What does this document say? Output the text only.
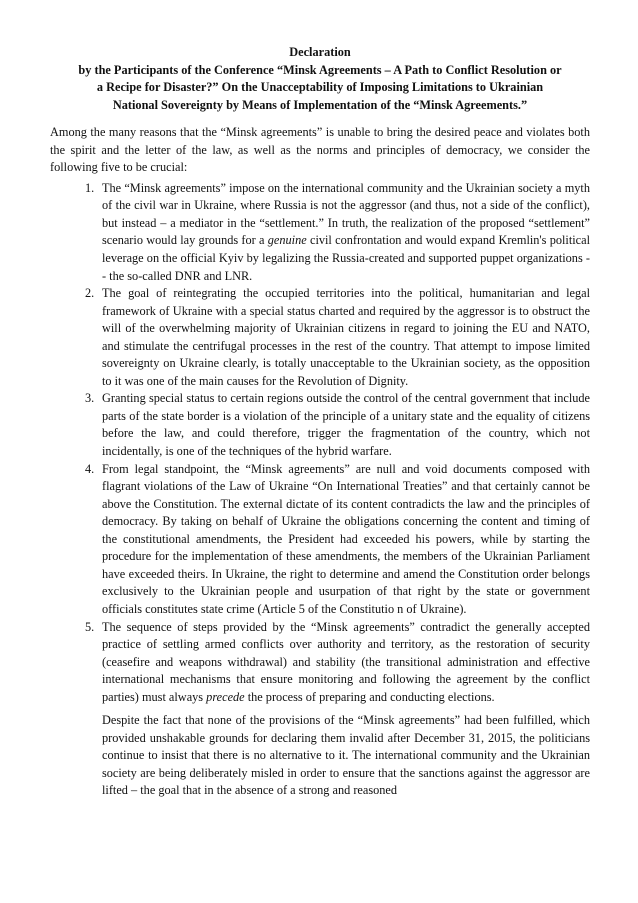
Declaration
by the Participants of the Conference “Minsk Agreements – A Path to Conflict Resolution or
a Recipe for Disaster?” On the Unacceptability of Imposing Limitations to Ukrainian
National Sovereignty by Means of Implementation of the “Minsk Agreements.”

Among the many reasons that the “Minsk agreements” is unable to bring the desired peace and violates both the spirit and the letter of the law, as well as the norms and principles of democracy, we consider the following five to be crucial:

1. The “Minsk agreements” impose on the international community and the Ukrainian society a myth of the civil war in Ukraine, where Russia is not the aggressor (and thus, not a side of the conflict), but instead – a mediator in the “settlement.” In truth, the realization of the proposed “settlement” scenario would lay grounds for a genuine civil confrontation and would expand Kremlin's political leverage on the official Kyiv by legalizing the Russia-created and supported puppet organizations -- the so-called DNR and LNR.
2. The goal of reintegrating the occupied territories into the political, humanitarian and legal framework of Ukraine with a special status charted and required by the aggressor is to obstruct the will of the overwhelming majority of Ukrainian citizens in regard to joining the EU and NATO, and stimulate the centrifugal processes in the rest of the country. That attempt to impose limited sovereignty on Ukraine clearly, is totally unacceptable to the Ukrainian society, as the opposition to it was one of the main causes for the Revolution of Dignity.
3. Granting special status to certain regions outside the control of the central government that include parts of the state border is a violation of the principle of a unitary state and the equality of citizens before the law, and could therefore, trigger the fragmentation of the country, which not incidentally, is one of the techniques of the hybrid warfare.
4. From legal standpoint, the “Minsk agreements” are null and void documents composed with flagrant violations of the Law of Ukraine “On International Treaties” and that certainly cannot be above the Constitution. The external dictate of its content contradicts the law and the principles of democracy. By taking on behalf of Ukraine the obligations concerning the content and timing of the constitutional amendments, the President had exceeded his powers, while by starting the procedure for the implementation of these amendments, the members of the Ukrainian Parliament have exceeded theirs. In Ukraine, the right to determine and amend the Constitution order belongs exclusively to the Ukrainian people and usurpation of that right by the state or government officials constitutes state crime (Article 5 of the Constitutio n of Ukraine).
5. The sequence of steps provided by the “Minsk agreements” contradict the generally accepted practice of settling armed conflicts over authority and territory, as the restoration of security (ceasefire and weapons withdrawal) and stability (the transitional administration and effective international mechanisms that ensure monitoring and following the agreement by the conflict parties) must always precede the process of preparing and conducting elections.

Despite the fact that none of the provisions of the “Minsk agreements” had been fulfilled, which provided unshakable grounds for declaring them invalid after December 31, 2015, the politicians continue to insist that there is no alternative to it. The international community and the Ukrainian society are being deliberately misled in order to ensure that the sanctions against the aggressor are lifted – the goal that in the absence of a strong and reasoned
